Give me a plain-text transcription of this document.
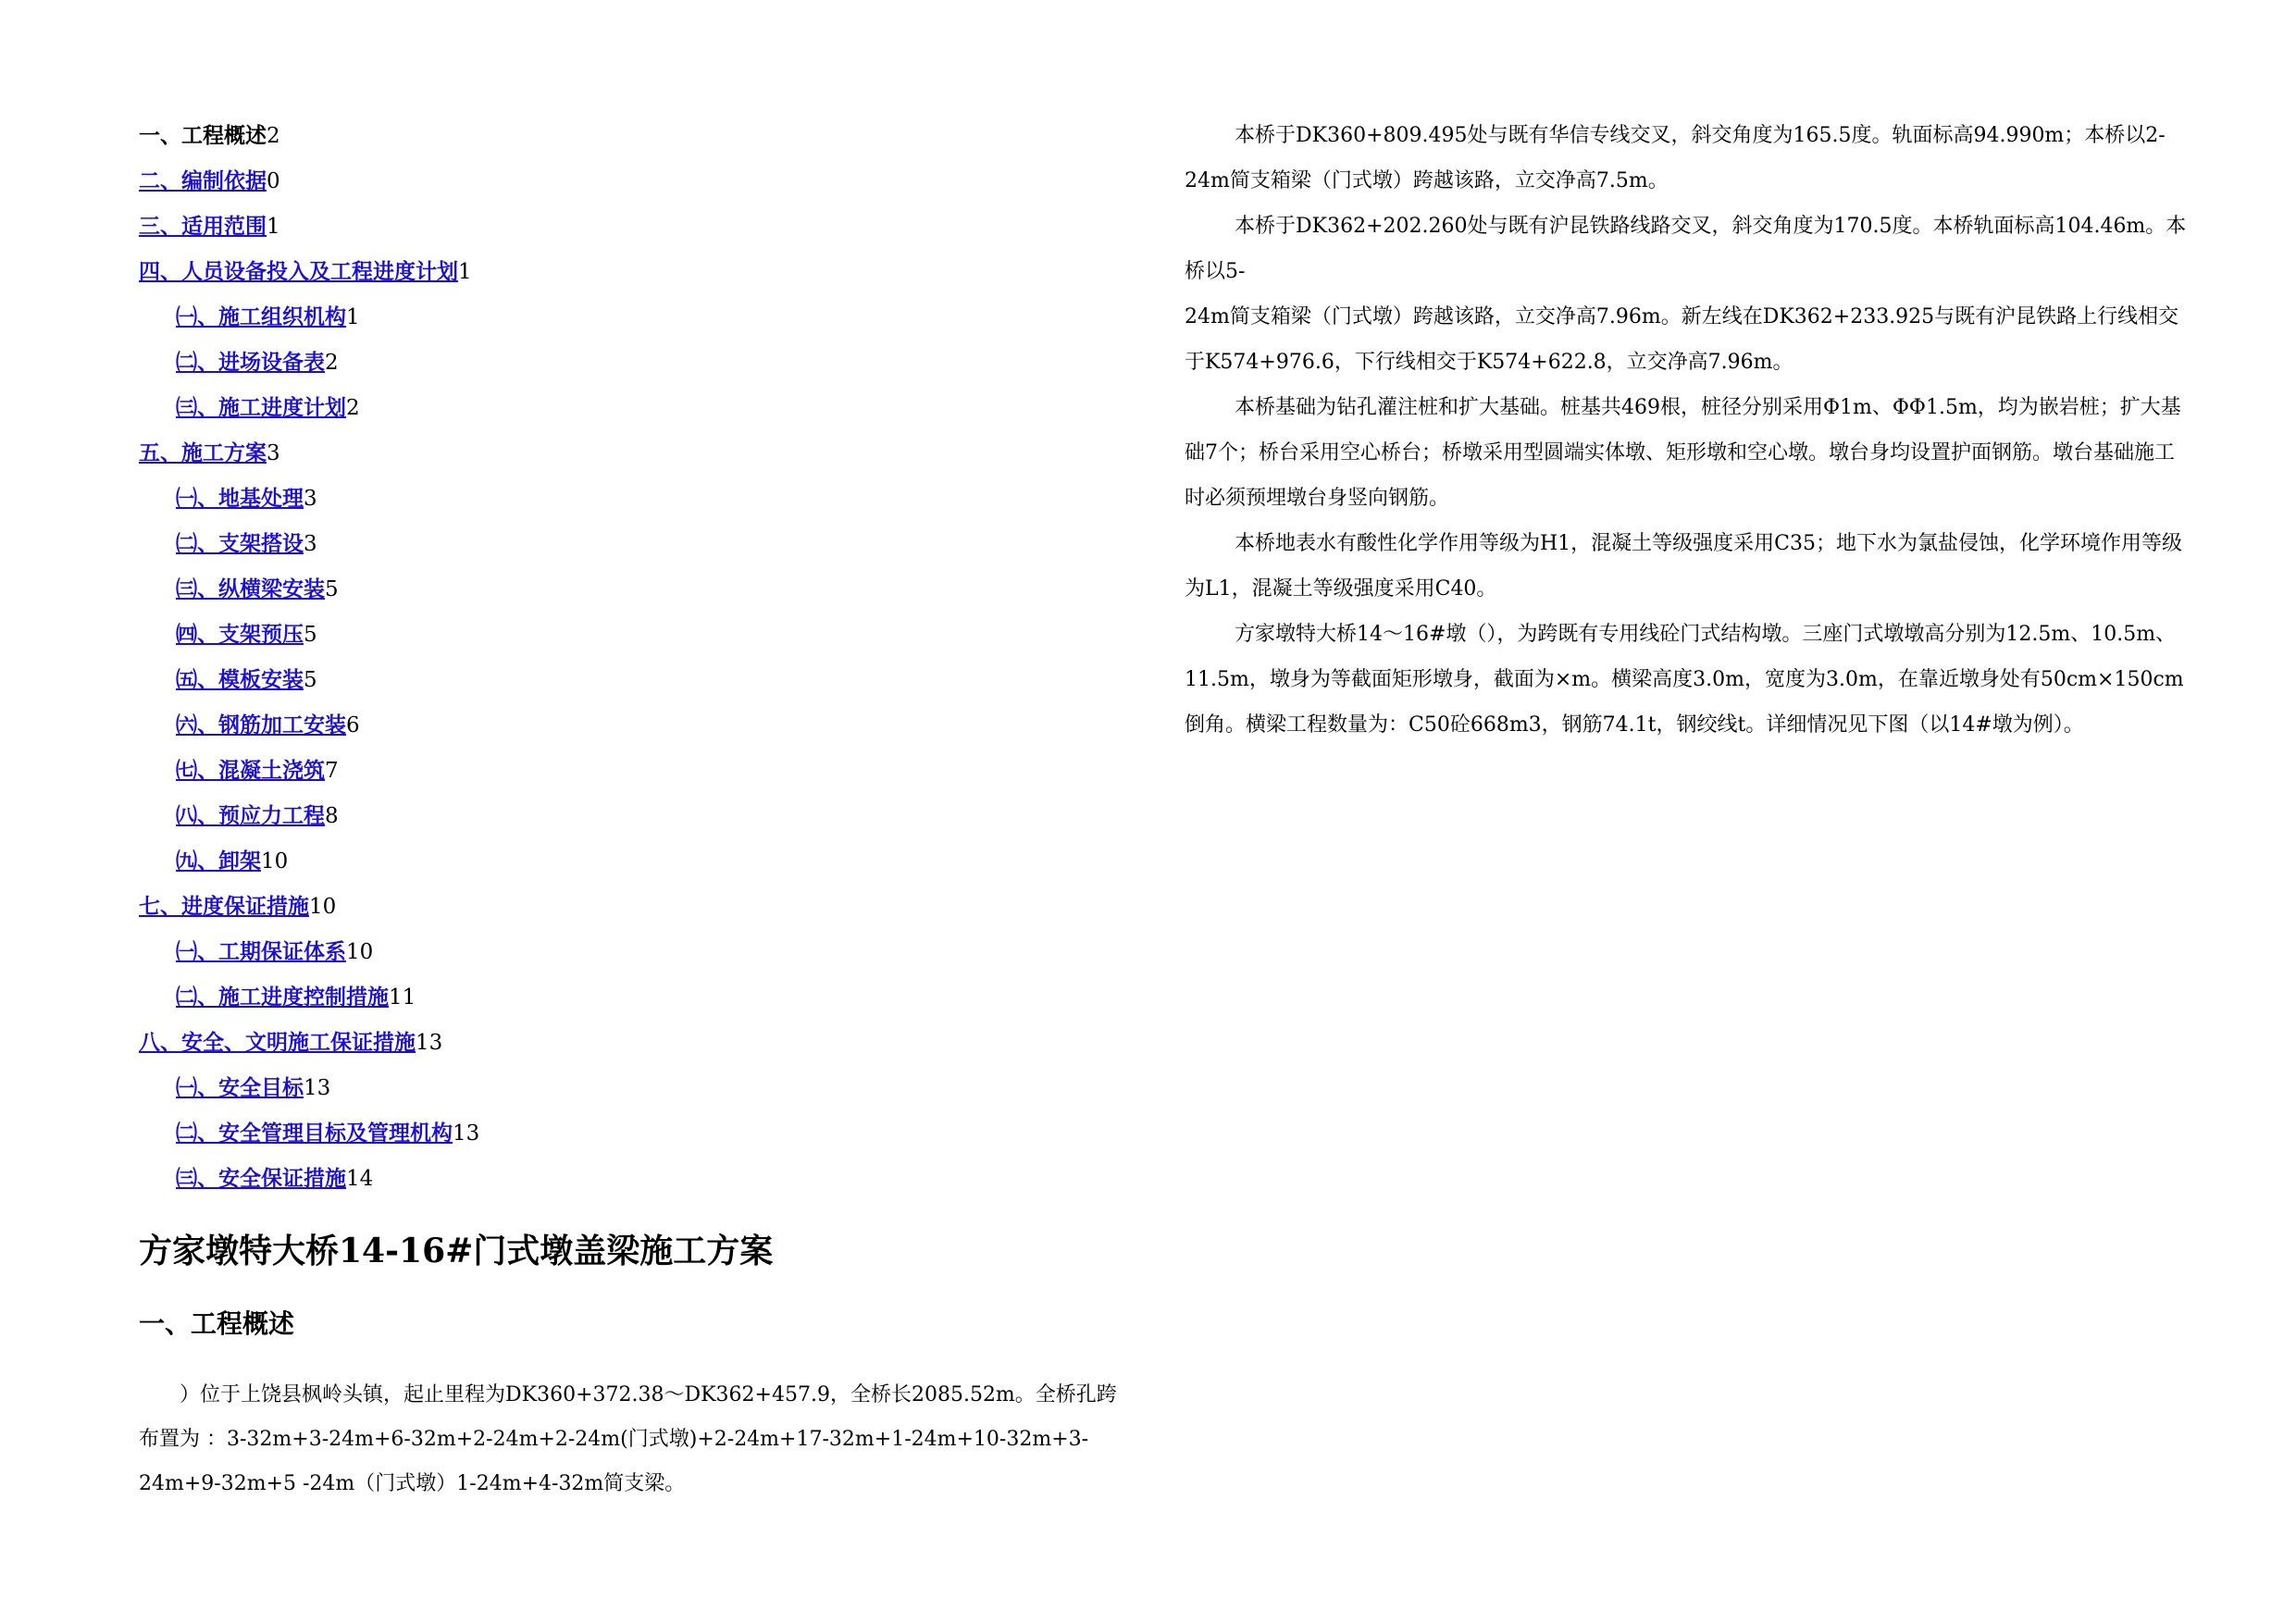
一、工程概述2
二、编制依据0
三、适用范围1
四、人员设备投入及工程进度计划1
㈠、施工组织机构1
㈡、进场设备表2
㈢、施工进度计划2
五、施工方案3
㈠、地基处理3
㈡、支架搭设3
㈢、纵横梁安装5
㈣、支架预压5
㈤、模板安装5
㈥、钢筋加工安装6
㈦、混凝土浇筑7
㈧、预应力工程8
㈨、卸架10
七、进度保证措施10
㈠、工期保证体系10
㈡、施工进度控制措施11
八、安全、文明施工保证措施13
㈠、安全目标13
㈡、安全管理目标及管理机构13
㈢、安全保证措施14
方家墩特大桥14-16#门式墩盖梁施工方案
一、工程概述
）位于上饶县枫岭头镇，起止里程为DK360+372.38～DK362+457.9，全桥长2085.52m。全桥孔跨布置为 ：3-32m+3-24m+6-32m+2-24m+2-24m(门式墩)+2-24m+17-32m+1-24m+10-32m+3-24m+9-32m+5 -24m（门式墩）1-24m+4-32m简支梁。

本桥于DK360+809.495处与既有华信专线交叉，斜交角度为165.5度。轨面标高94.990m；本桥以2-24m简支箱梁（门式墩）跨越该路，立交净高7.5m。

本桥于DK362+202.260处与既有沪昆铁路线路交叉，斜交角度为170.5度。本桥轨面标高104.46m。本桥以5-

24m简支箱梁（门式墩）跨越该路，立交净高7.96m。新左线在DK362+233.925与既有沪昆铁路上行线相交于K574+976.6，下行线相交于K574+622.8，立交净高7.96m。

本桥基础为钻孔灌注桩和扩大基础。桩基共469根，桩径分别采用Φ1m、ΦΦ1.5m，均为嵌岩桩；扩大基础7个；桥台采用空心桥台；桥墩采用型圆端实体墩、矩形墩和空心墩。墩台身均设置护面钢筋。墩台基础施工时必须预埋墩台身竖向钢筋。

本桥地表水有酸性化学作用等级为H1，混凝土等级强度采用C35；地下水为氯盐侵蚀，化学环境作用等级为L1，混凝土等级强度采用C40。

方家墩特大桥14～16#墩（），为跨既有专用线砼门式结构墩。三座门式墩墩高分别为12.5m、10.5m、11.5m，墩身为等截面矩形墩身，截面为×m。横梁高度3.0m，宽度为3.0m，在靠近墩身处有50cm×150cm倒角。横梁工程数量为：C50砼668m3，钢筋74.1t，钢绞线t。详细情况见下图（以14#墩为例）。
